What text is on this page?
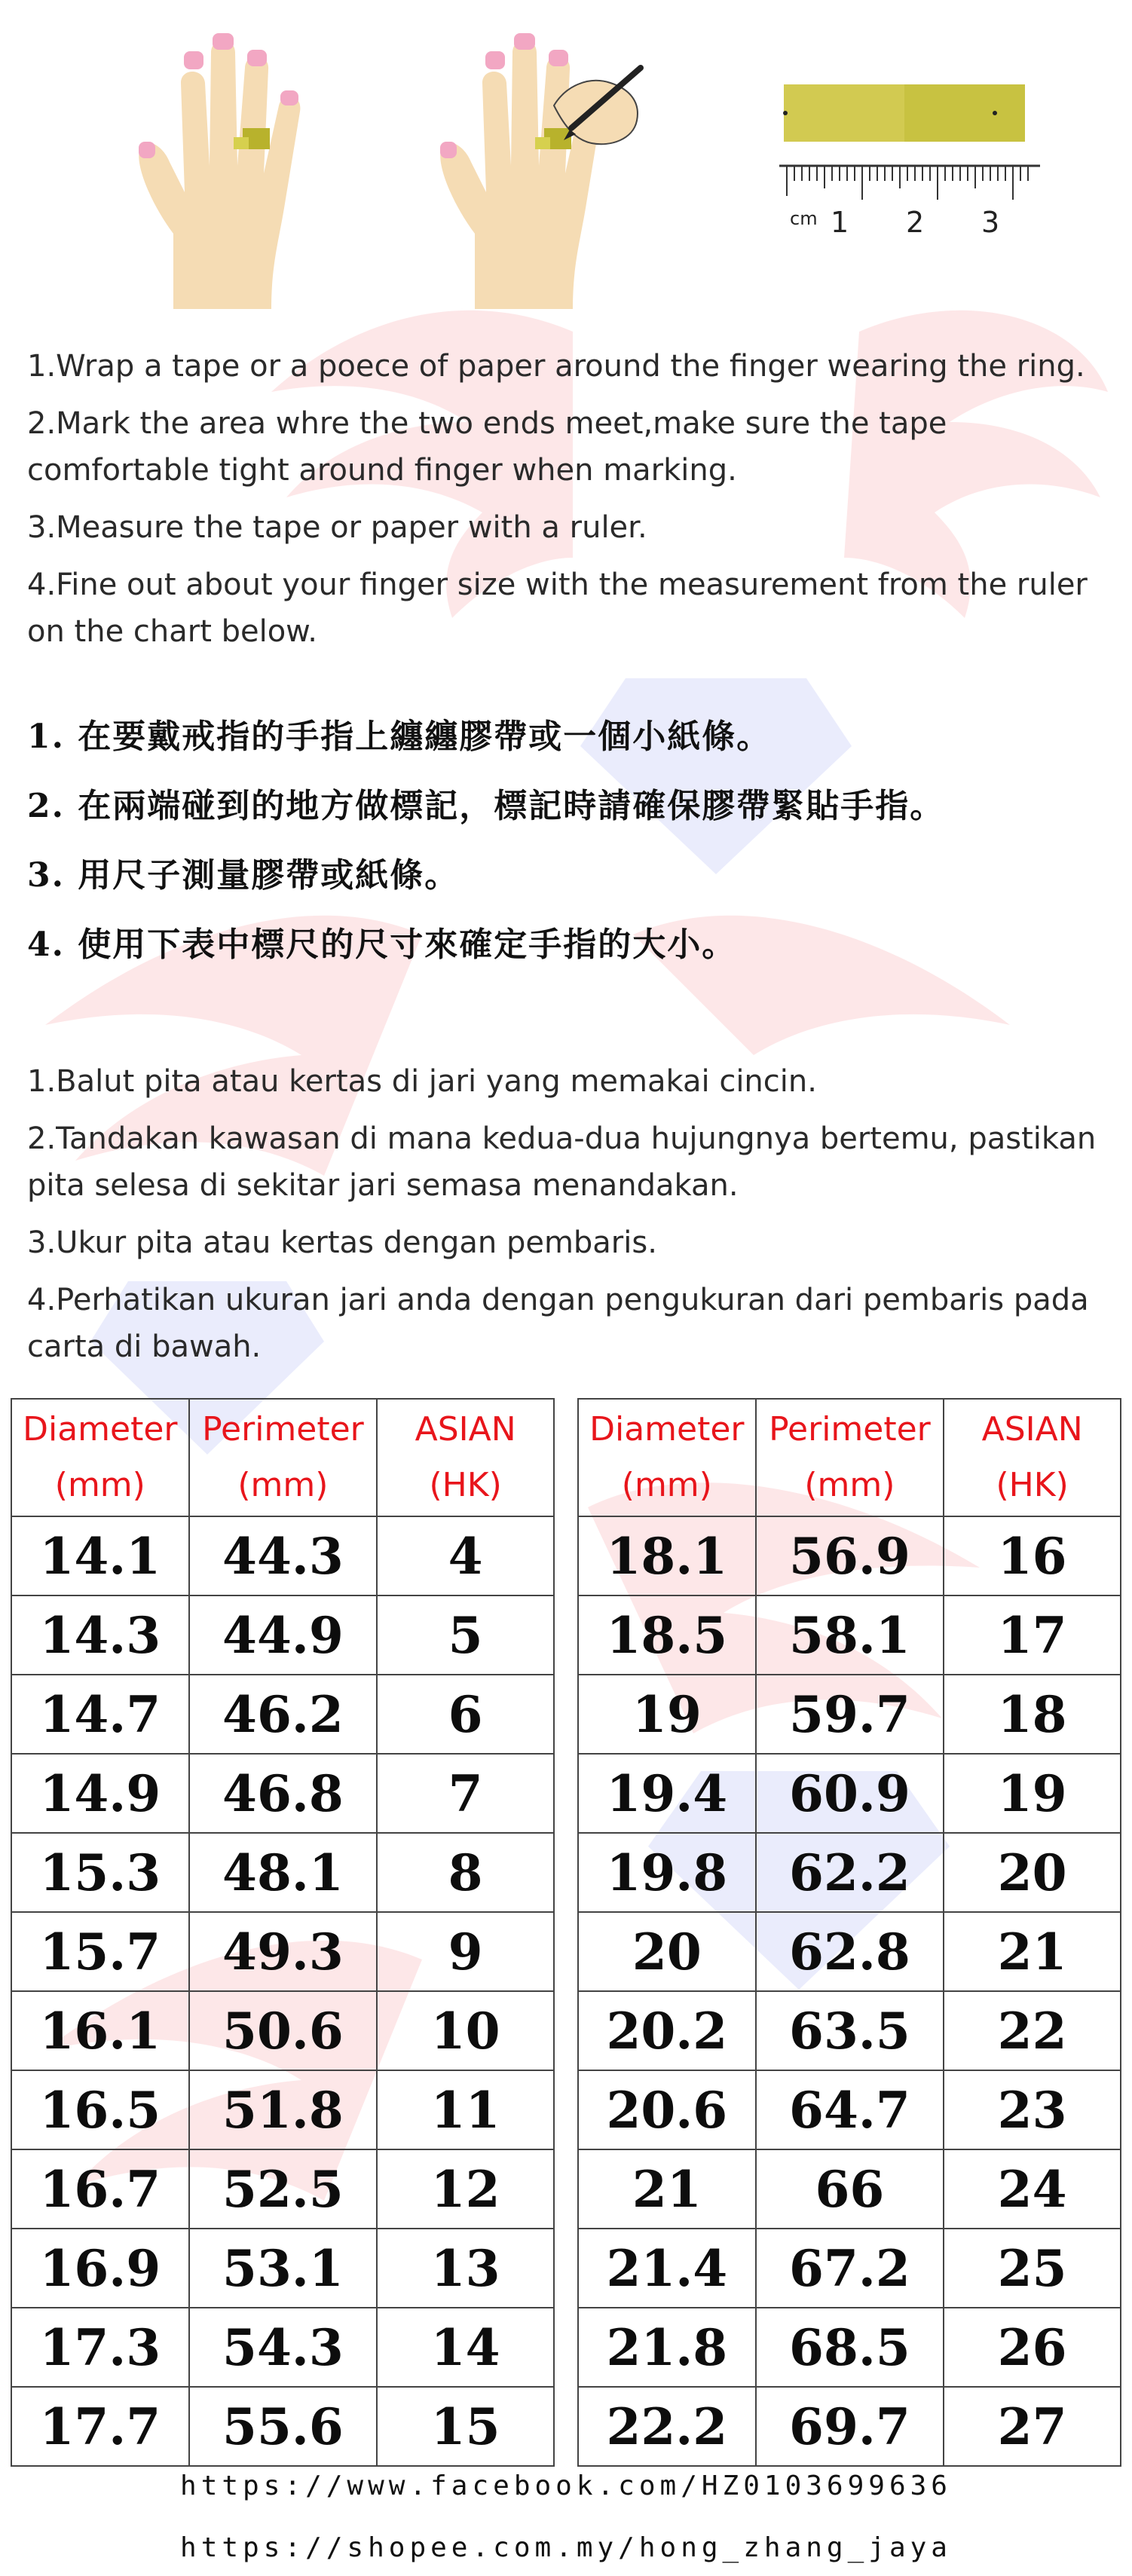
cm 1 2 3

1.Wrap a tape or a poece of paper around the finger wearing the ring.

2.Mark the area whre the two ends meet,make sure the tape comfortable tight around finger when marking.

3.Measure the tape or paper with a ruler.

4.Fine out about your finger size with the measurement from the ruler on the chart below.

1. 在要戴戒指的手指上纏纏膠帶或一個小紙條。

2. 在兩端碰到的地方做標記，標記時請確保膠帶緊貼手指。

3. 用尺子測量膠帶或紙條。

4. 使用下表中標尺的尺寸來確定手指的大小。

1.Balut pita atau kertas di jari yang memakai cincin.

2.Tandakan kawasan di mana kedua-dua hujungnya bertemu, pastikan pita selesa di sekitar jari semasa menandakan.

3.Ukur pita atau kertas dengan pembaris.

4.Perhatikan ukuran jari anda dengan pengukuran dari pembaris pada carta di bawah.

Diameter
(mm)	Perimeter
(mm)	ASIAN
(HK)

14.1	44.3	4
14.3	44.9	5
14.7	46.2	6
14.9	46.8	7
15.3	48.1	8
15.7	49.3	9
16.1	50.6	10
16.5	51.8	11
16.7	52.5	12
16.9	53.1	13
17.3	54.3	14
17.7	55.6	15
Diameter
(mm)	Perimeter
(mm)	ASIAN
(HK)

18.1	56.9	16
18.5	58.1	17
19	59.7	18
19.4	60.9	19
19.8	62.2	20
20	62.8	21
20.2	63.5	22
20.6	64.7	23
21	66	24
21.4	67.2	25
21.8	68.5	26
22.2	69.7	27
https://www.facebook.com/HZ0103699636
https://shopee.com.my/hong_zhang_jaya
